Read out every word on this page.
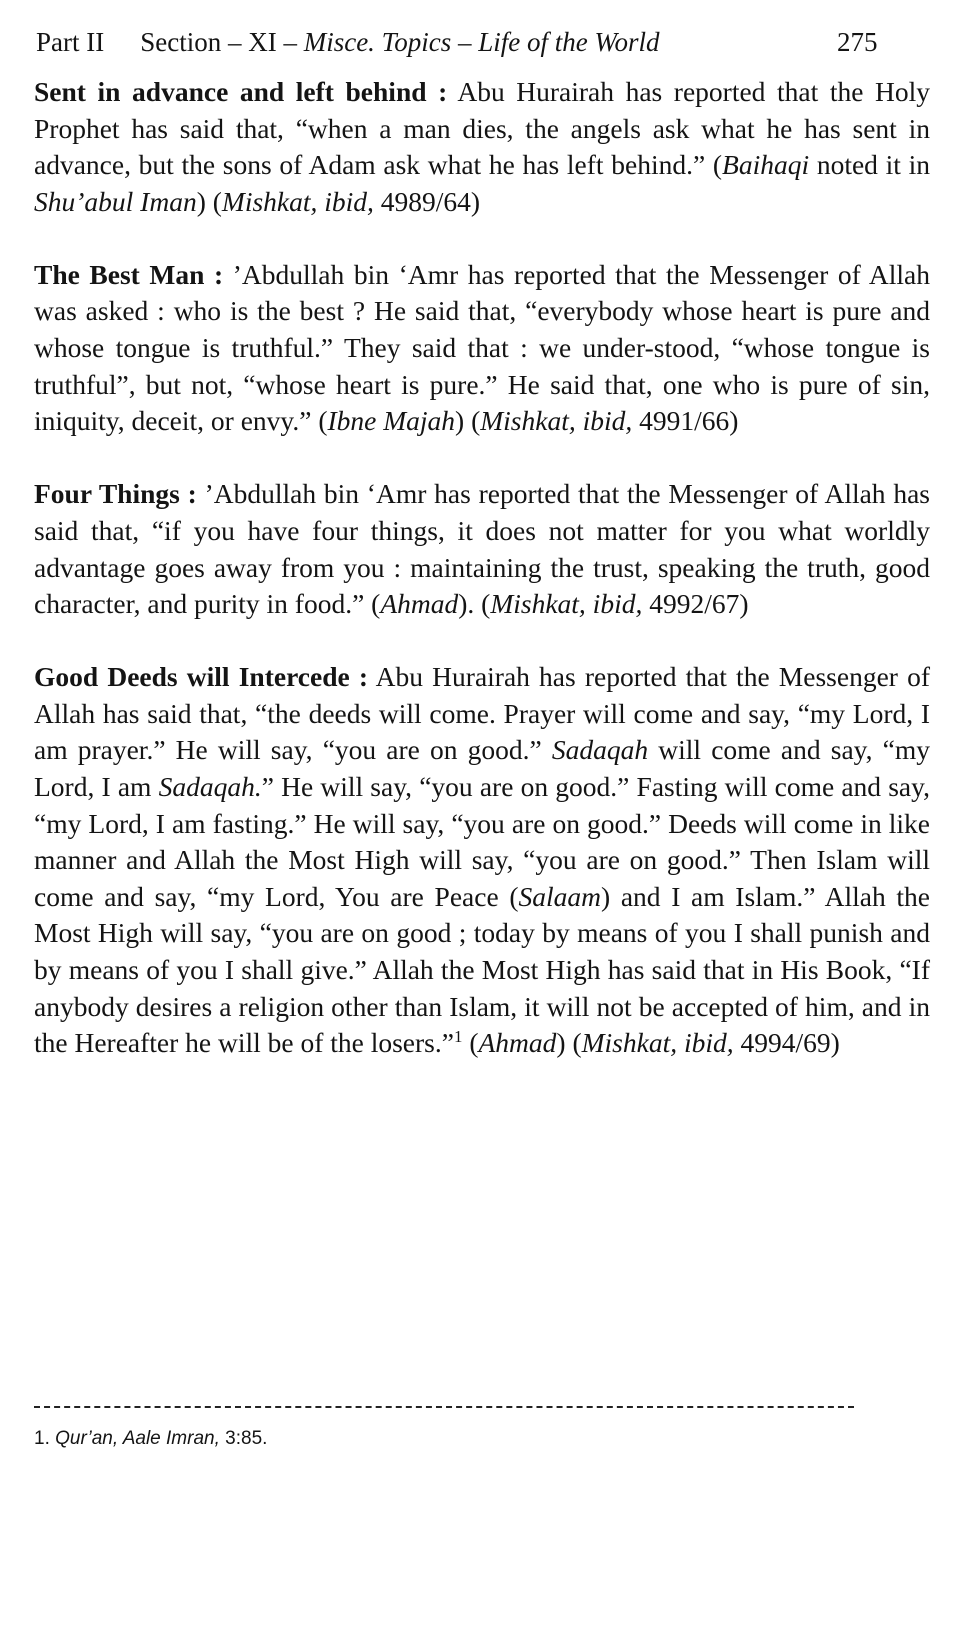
Part II Section – XI – Misce. Topics – Life of the World	275

Sent in advance and left behind : Abu Hurairah has reported that the Holy Prophet has said that, “when a man dies, the angels ask what he has sent in advance, but the sons of Adam ask what he has left behind.” (Baihaqi noted it in Shu’abul Iman) (Mishkat, ibid, 4989/64)

The Best Man : ’Abdullah bin ‘Amr has reported that the Messenger of Allah was asked : who is the best ? He said that, “everybody whose heart is pure and whose tongue is truthful.” They said that : we under-stood, “whose tongue is truthful”, but not, “whose heart is pure.” He said that, one who is pure of sin, iniquity, deceit, or envy.” (Ibne Majah) (Mishkat, ibid, 4991/66)

Four Things : ’Abdullah bin ‘Amr has reported that the Messenger of Allah has said that, “if you have four things, it does not matter for you what worldly advantage goes away from you : maintaining the trust, speaking the truth, good character, and purity in food.” (Ahmad). (Mishkat, ibid, 4992/67)

Good Deeds will Intercede : Abu Hurairah has reported that the Messenger of Allah has said that, “the deeds will come. Prayer will come and say, “my Lord, I am prayer.” He will say, “you are on good.” Sadaqah will come and say, “my Lord, I am Sadaqah.” He will say, “you are on good.” Fasting will come and say, “my Lord, I am fasting.” He will say, “you are on good.” Deeds will come in like manner and Allah the Most High will say, “you are on good.” Then Islam will come and say, “my Lord, You are Peace (Salaam) and I am Islam.” Allah the Most High will say, “you are on good ; today by means of you I shall punish and by means of you I shall give.” Allah the Most High has said that in His Book, “If anybody desires a religion other than Islam, it will not be accepted of him, and in the Hereafter he will be of the losers.”$^1$ (Ahmad) (Mishkat, ibid, 4994/69)

1. Qur’an, Aale Imran, 3:85.
